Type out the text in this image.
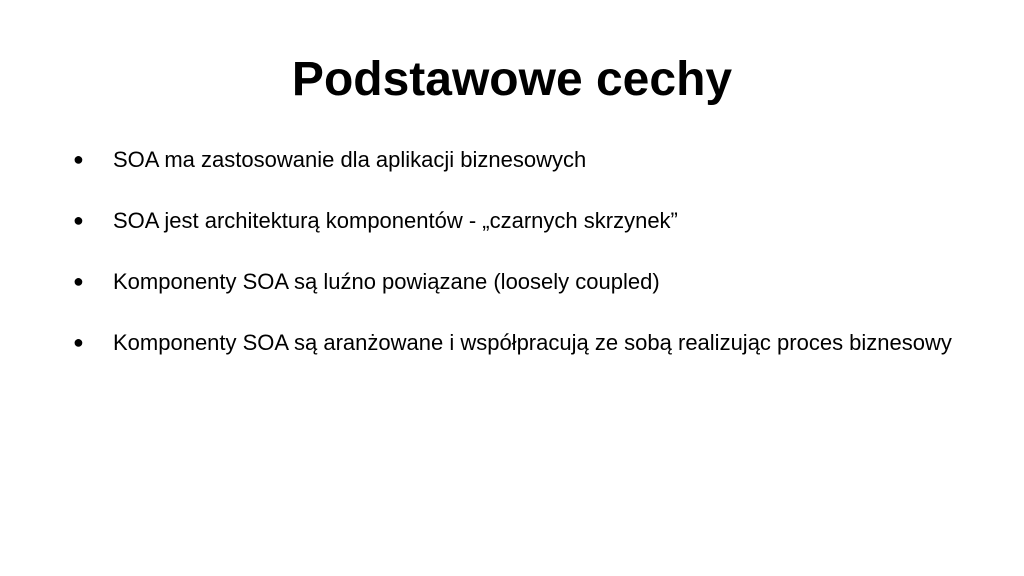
Podstawowe cechy
● SOA ma zastosowanie dla aplikacji biznesowych
● SOA jest architekturą komponentów - „czarnych skrzynek”
● Komponenty SOA są luźno powiązane (loosely coupled)
● Komponenty SOA są aranżowane i współpracują ze sobą realizując proces biznesowy
